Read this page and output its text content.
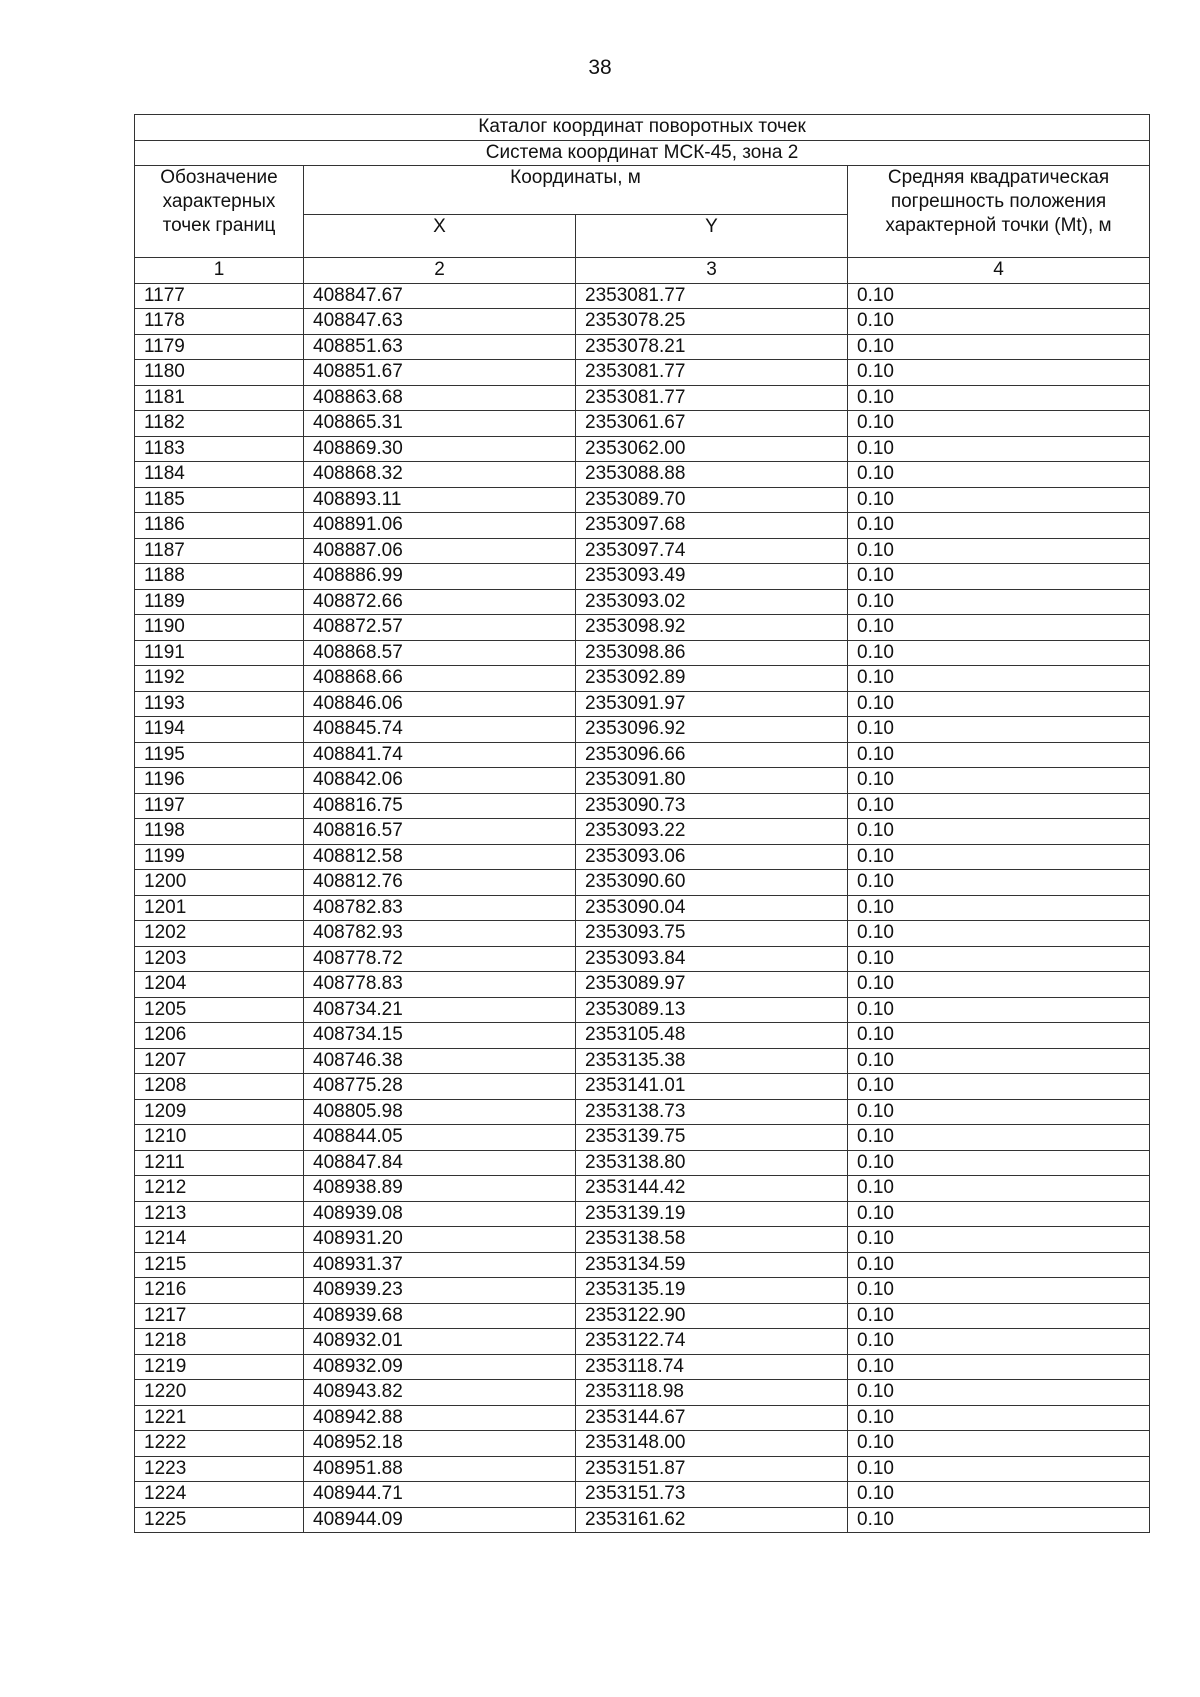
38
Каталог координат поворотных точек			
Система координат МСК-45, зона 2			
Обозначение характерных точек границ	Координаты, м		Средняя квадратическая погрешность положения характерной точки (Mt), м
	X	Y	
1	2	3	4
1177	408847.67	2353081.77	0.10
1178	408847.63	2353078.25	0.10
1179	408851.63	2353078.21	0.10
1180	408851.67	2353081.77	0.10
1181	408863.68	2353081.77	0.10
1182	408865.31	2353061.67	0.10
1183	408869.30	2353062.00	0.10
1184	408868.32	2353088.88	0.10
1185	408893.11	2353089.70	0.10
1186	408891.06	2353097.68	0.10
1187	408887.06	2353097.74	0.10
1188	408886.99	2353093.49	0.10
1189	408872.66	2353093.02	0.10
1190	408872.57	2353098.92	0.10
1191	408868.57	2353098.86	0.10
1192	408868.66	2353092.89	0.10
1193	408846.06	2353091.97	0.10
1194	408845.74	2353096.92	0.10
1195	408841.74	2353096.66	0.10
1196	408842.06	2353091.80	0.10
1197	408816.75	2353090.73	0.10
1198	408816.57	2353093.22	0.10
1199	408812.58	2353093.06	0.10
1200	408812.76	2353090.60	0.10
1201	408782.83	2353090.04	0.10
1202	408782.93	2353093.75	0.10
1203	408778.72	2353093.84	0.10
1204	408778.83	2353089.97	0.10
1205	408734.21	2353089.13	0.10
1206	408734.15	2353105.48	0.10
1207	408746.38	2353135.38	0.10
1208	408775.28	2353141.01	0.10
1209	408805.98	2353138.73	0.10
1210	408844.05	2353139.75	0.10
1211	408847.84	2353138.80	0.10
1212	408938.89	2353144.42	0.10
1213	408939.08	2353139.19	0.10
1214	408931.20	2353138.58	0.10
1215	408931.37	2353134.59	0.10
1216	408939.23	2353135.19	0.10
1217	408939.68	2353122.90	0.10
1218	408932.01	2353122.74	0.10
1219	408932.09	2353118.74	0.10
1220	408943.82	2353118.98	0.10
1221	408942.88	2353144.67	0.10
1222	408952.18	2353148.00	0.10
1223	408951.88	2353151.87	0.10
1224	408944.71	2353151.73	0.10
1225	408944.09	2353161.62	0.10
